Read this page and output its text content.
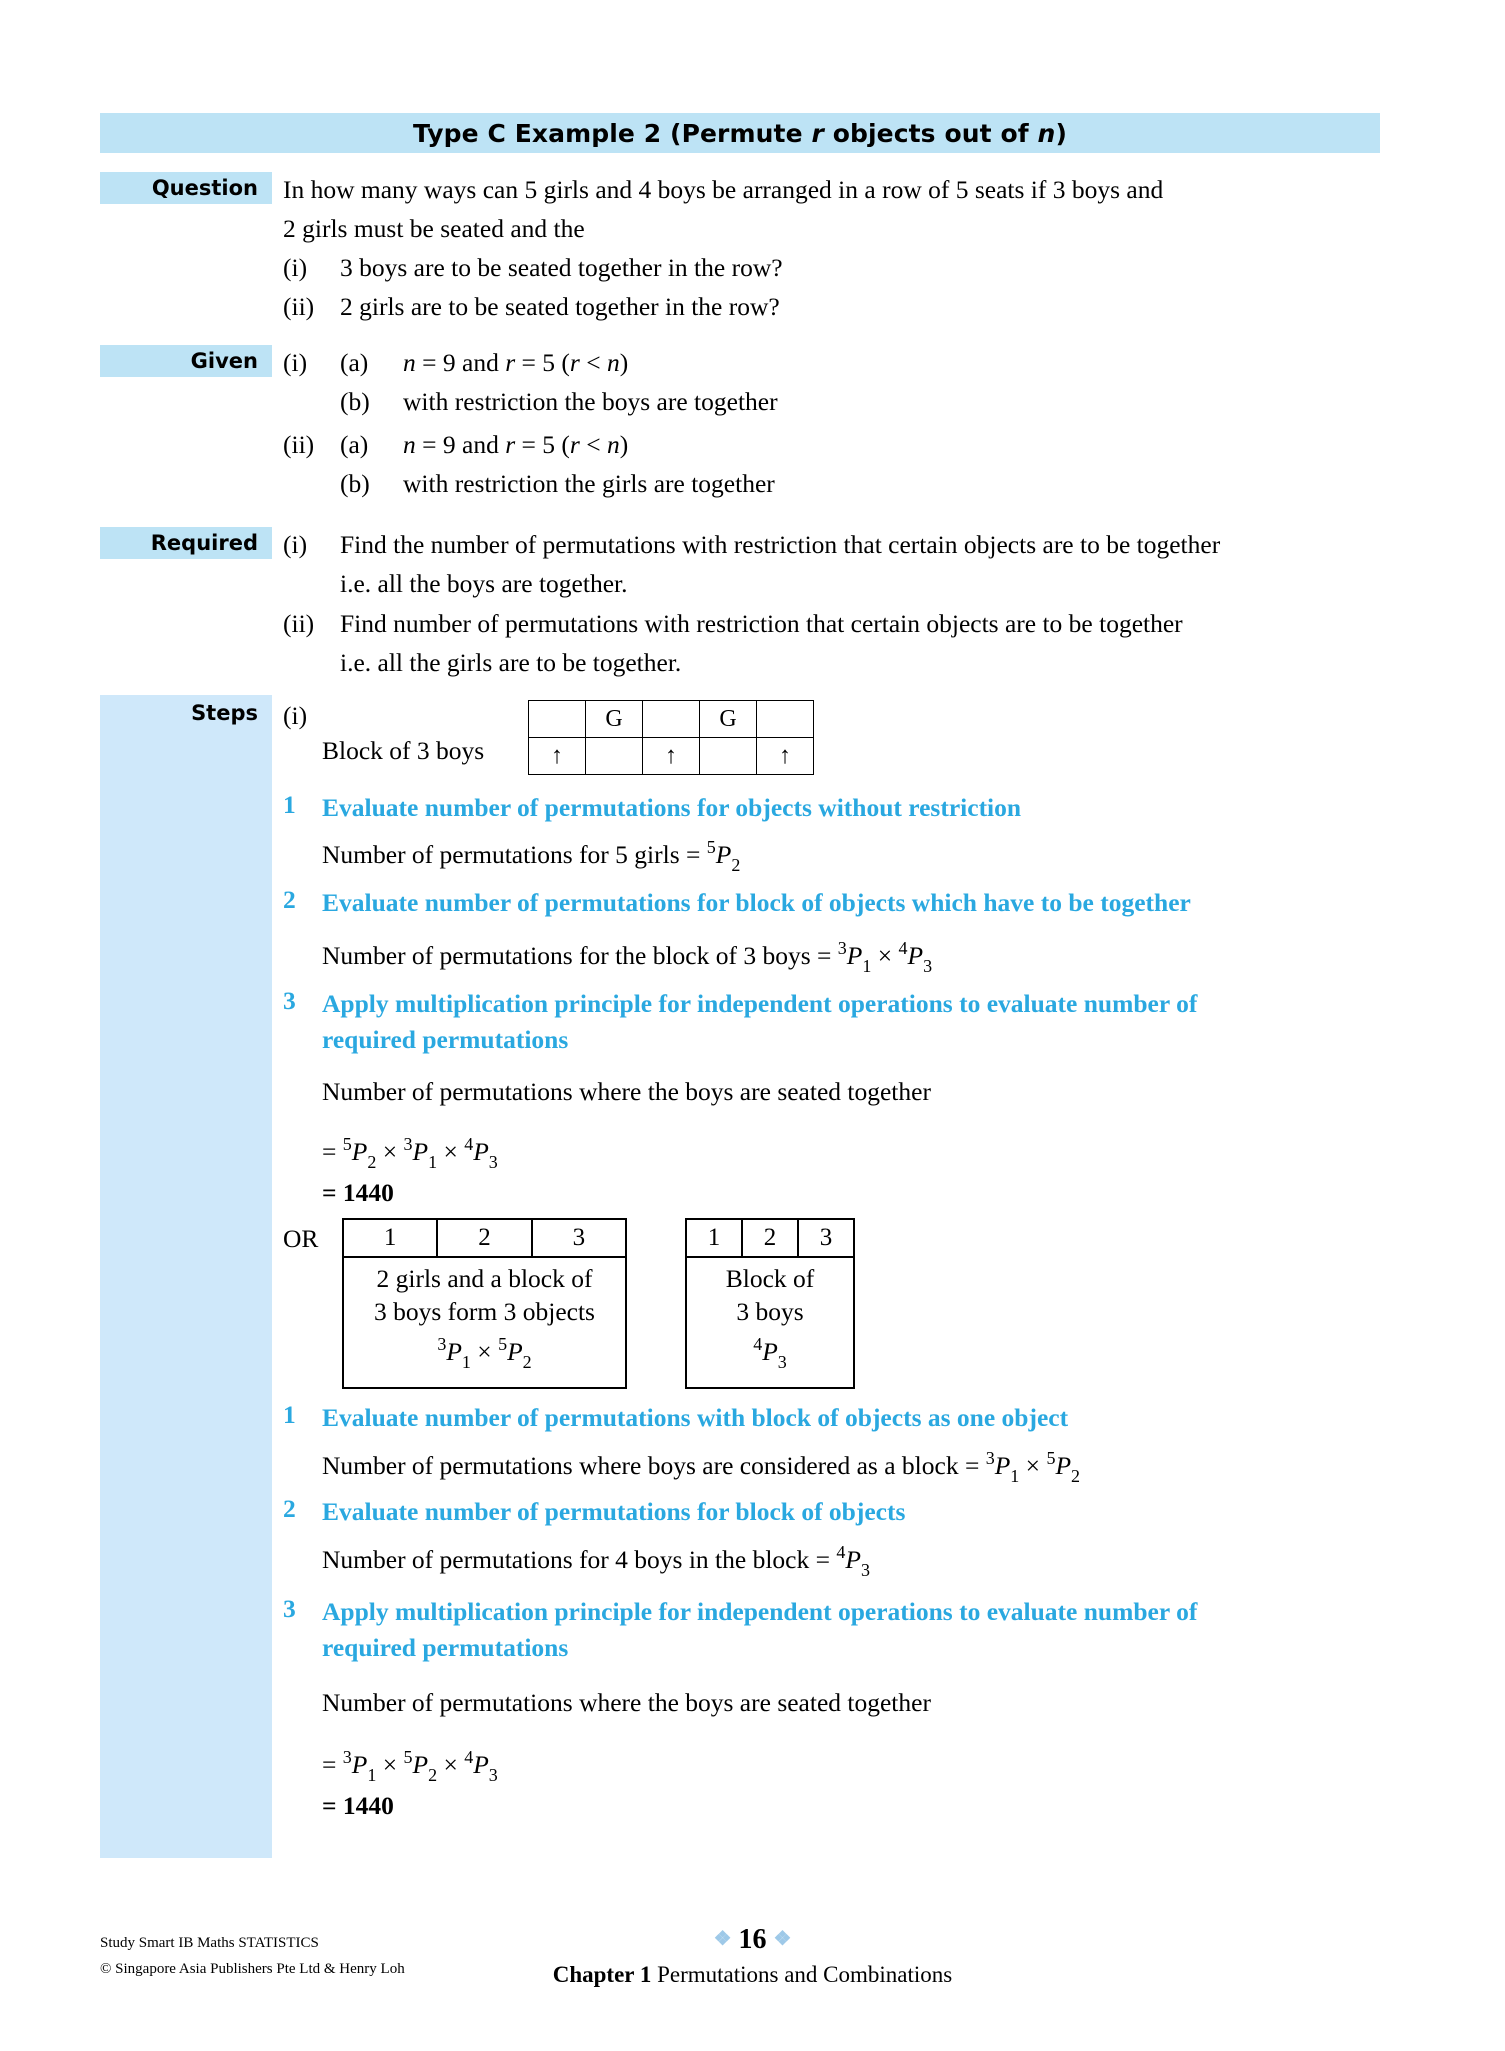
Type C Example 2 (Permute r objects out of n)
Question In how many ways can 5 girls and 4 boys be arranged in a row of 5 seats if 3 boys and
2 girls must be seated and the
(i) 3 boys are to be seated together in the row?
(ii) 2 girls are to be seated together in the row?
Given (i) (a) n = 9 and r = 5 (r < n)
(b) with restriction the boys are together
(ii) (a) n = 9 and r = 5 (r < n)
(b) with restriction the girls are together
Required (i) Find the number of permutations with restriction that certain objects are to be together
i.e. all the boys are together.
(ii) Find number of permutations with restriction that certain objects are to be together
i.e. all the girls are to be together.
Steps (i)
Block of 3 boys
	G		G	
↑		↑		↑
1 Evaluate number of permutations for objects without restriction
Number of permutations for 5 girls = $^5P_2$
2 Evaluate number of permutations for block of objects which have to be together
Number of permutations for the block of 3 boys = $^3P_1 \times ^4P_3$
3 Apply multiplication principle for independent operations to evaluate number of
required permutations
Number of permutations where the boys are seated together
= $^5P_2 \times ^3P_1 \times ^4P_3$
= 1440
OR	1	2	3
2 girls and a block of
3 boys form 3 objects
$^3P_1 \times ^5P_2$
1	2	3
Block of
3 boys
$^4P_3$
1 Evaluate number of permutations with block of objects as one object
Number of permutations where boys are considered as a block = $^3P_1 \times ^5P_2$
2 Evaluate number of permutations for block of objects
Number of permutations for 4 boys in the block = $^4P_3$
3 Apply multiplication principle for independent operations to evaluate number of
required permutations
Number of permutations where the boys are seated together
= $^3P_1 \times ^5P_2 \times ^4P_3$
= 1440
Study Smart IB Maths STATISTICS
© Singapore Asia Publishers Pte Ltd & Henry Loh
❖ 16 ❖
Chapter 1 Permutations and Combinations
